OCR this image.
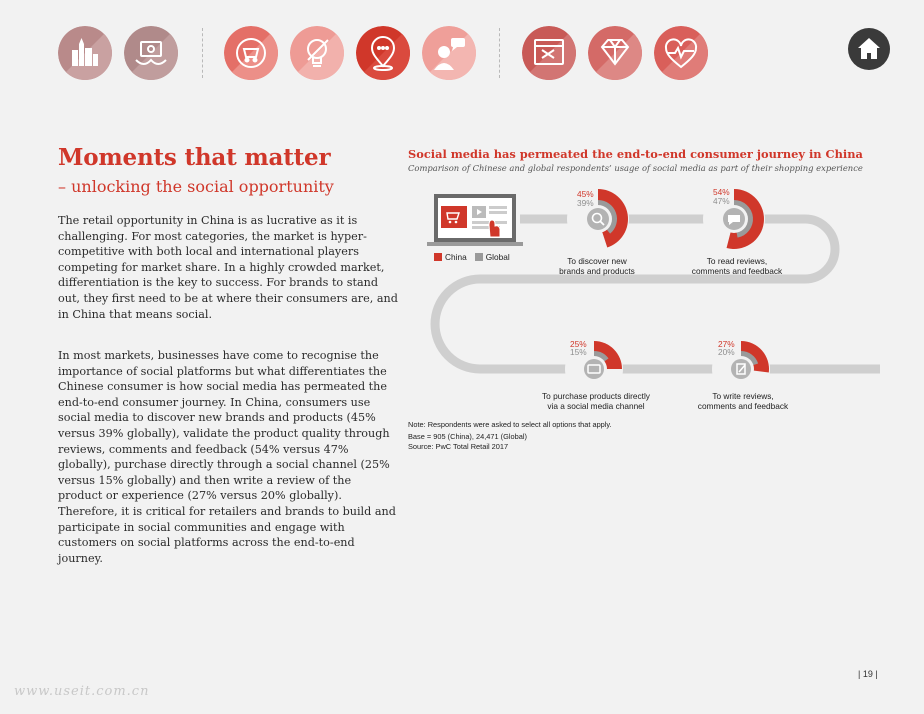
Moments that matter
– unlocking the social opportunity

The retail opportunity in China is as lucrative as it is challenging. For most categories, the market is hyper-competitive with both local and international players competing for market share. In a highly crowded market, differentiation is the key to success. For brands to stand out, they first need to be at where their consumers are, and in China that means social.

In most markets, businesses have come to recognise the importance of social platforms but what differentiates the Chinese consumer is how social media has permeated the end-to-end consumer journey. In China, consumers use social media to discover new brands and products (45% versus 39% globally), validate the product quality through reviews, comments and feedback (54% versus 47% globally), purchase directly through a social channel (25% versus 15% globally) and then write a review of the product or experience (27% versus 20% globally). Therefore, it is critical for retailers and brands to build and participate in social communities and engage with customers on social platforms across the end-to-end journey.

Social media has permeated the end-to-end consumer journey in China
Comparison of Chinese and global respondents’ usage of social media as part of their shopping experience
China Global
45%
39%
To discover new
brands and products
54%
47%
To read reviews,
comments and feedback
25%
15%
To purchase products directly
via a social media channel
27%
20%
To write reviews,
comments and feedback
Note: Respondents were asked to select all options that apply.
Base = 905 (China), 24,471 (Global)
Source: PwC Total Retail 2017
| 19 |
www.useit.com.cn
